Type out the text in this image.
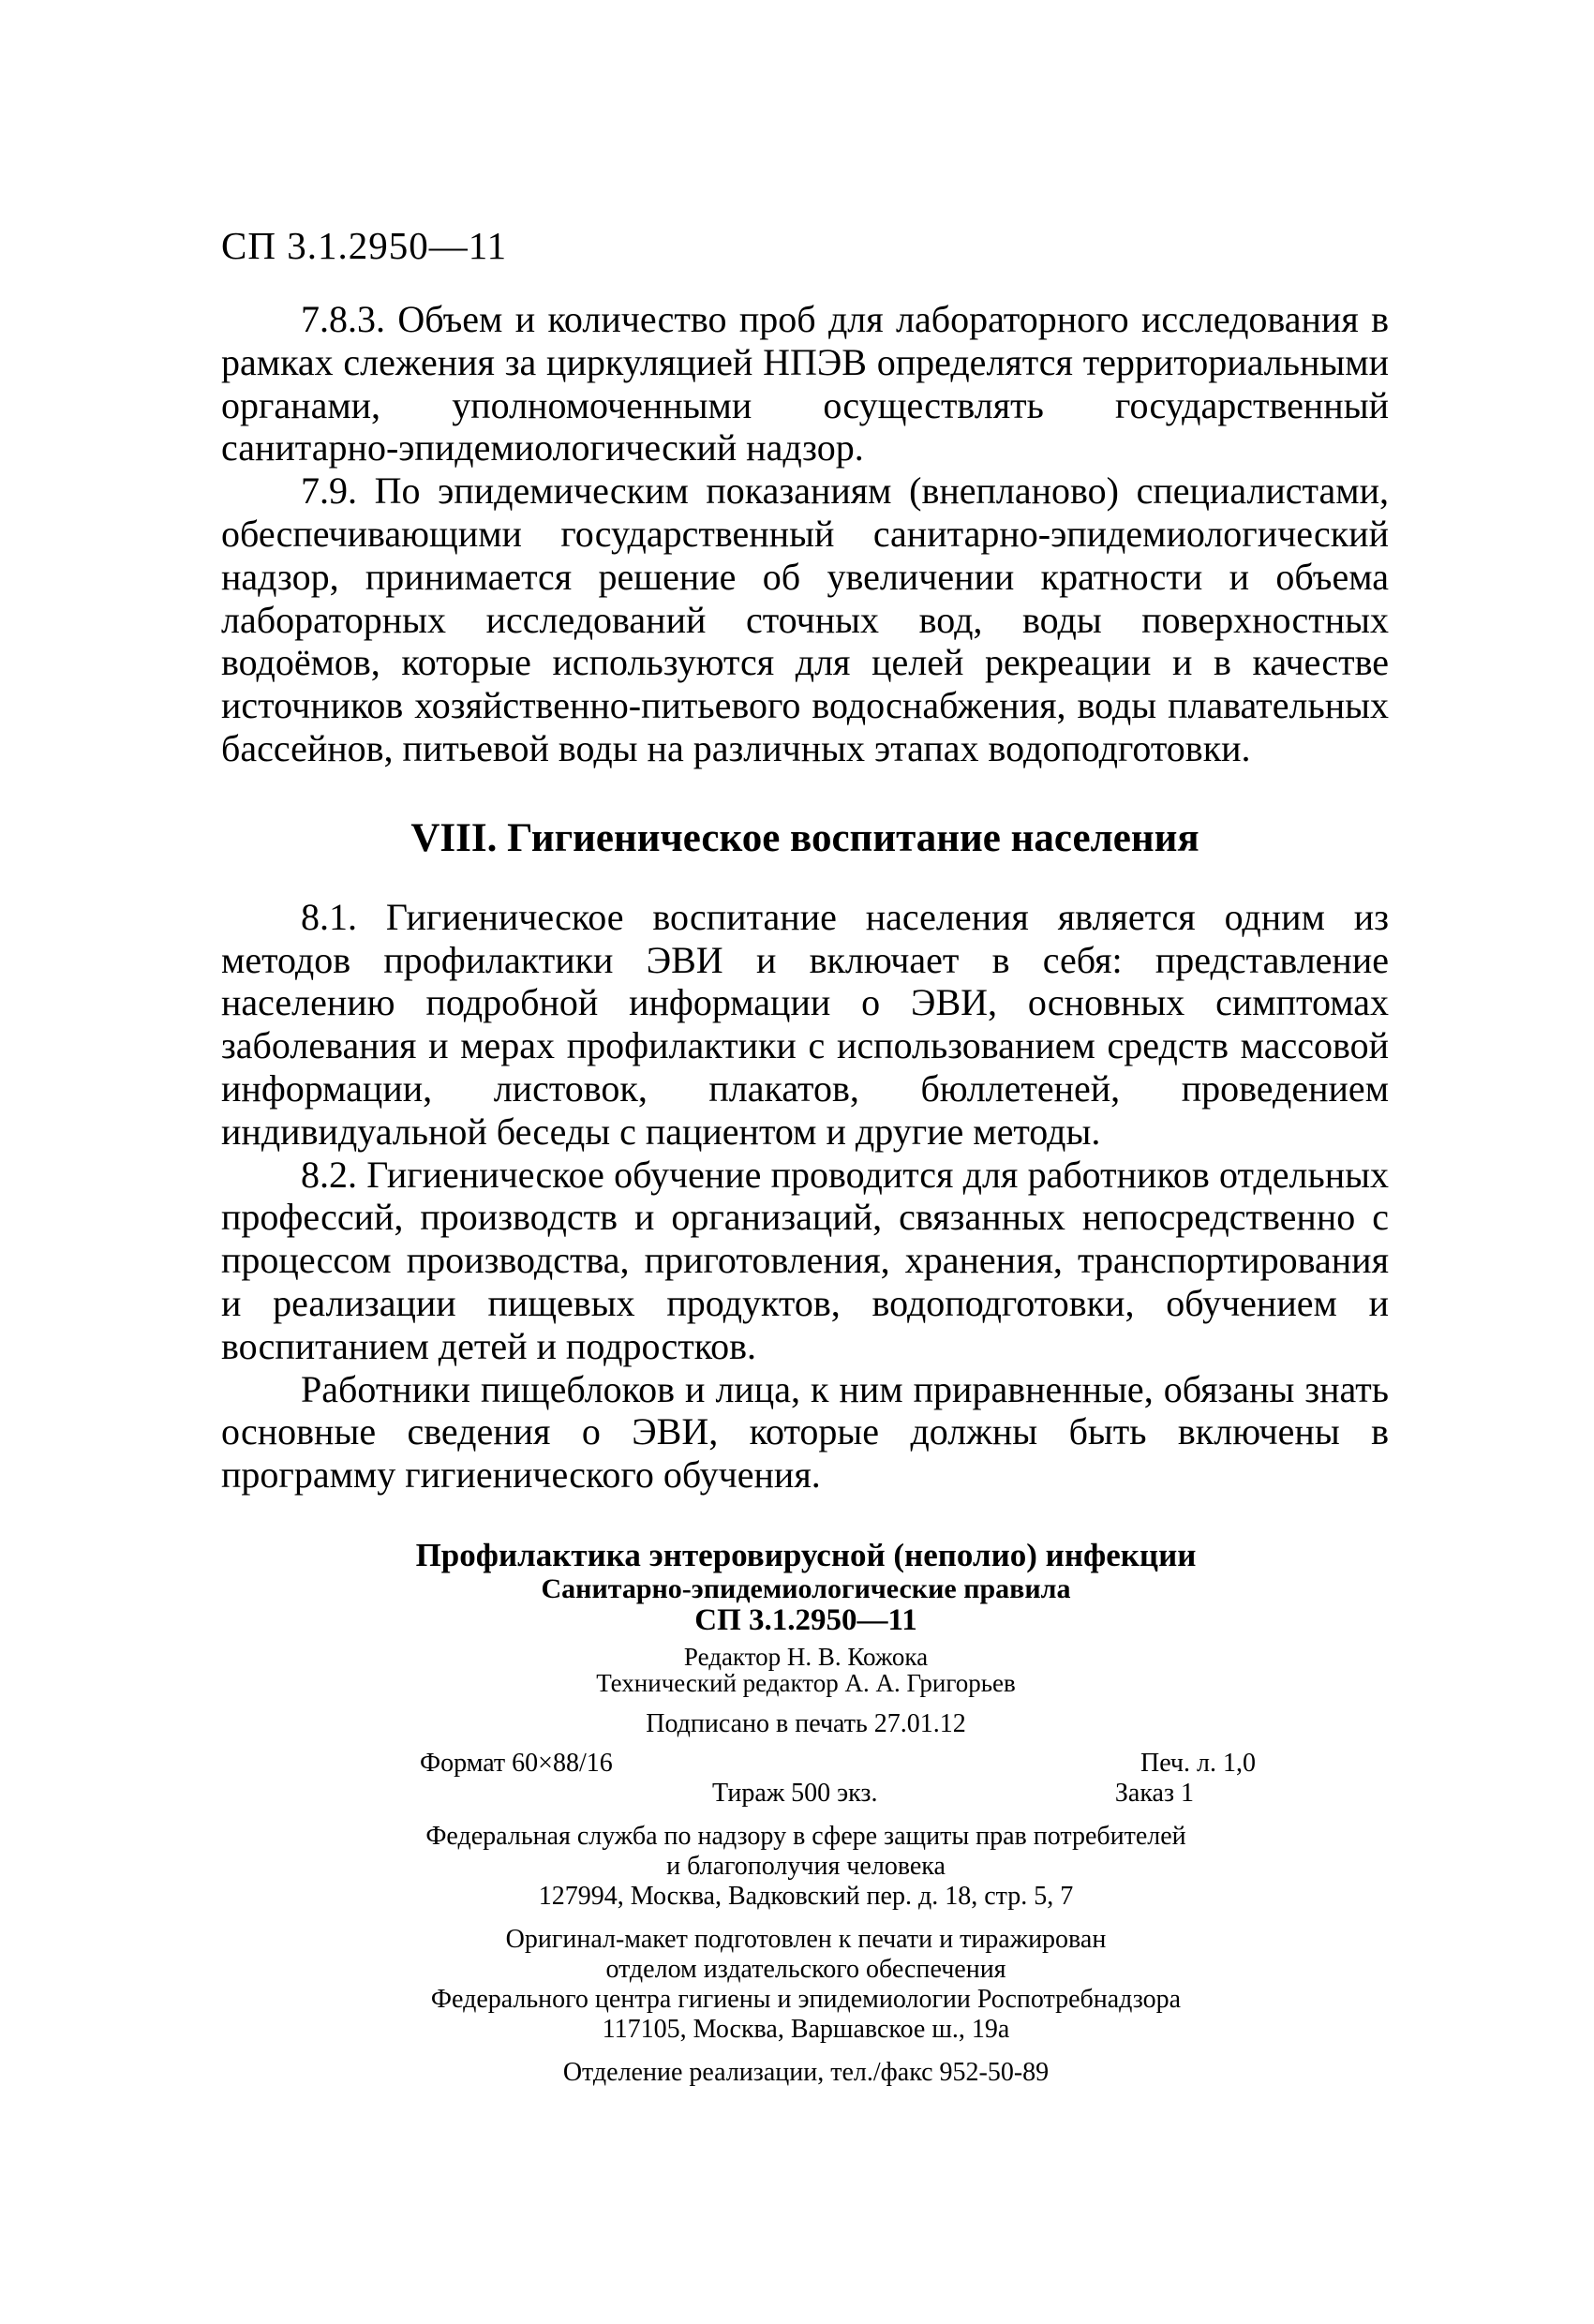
СП 3.1.2950—11

7.8.3. Объем и количество проб для лабораторного исследования в рамках слежения за циркуляцией НПЭВ определятся территориальными органами, уполномоченными осуществлять государственный санитарно-эпидемиологический надзор.

7.9. По эпидемическим показаниям (внепланово) специалистами, обеспечивающими государственный санитарно-эпидемиологический надзор, принимается решение об увеличении кратности и объема лабораторных исследований сточных вод, воды поверхностных водоёмов, которые используются для целей рекреации и в качестве источников хозяйственно-питьевого водоснабжения, воды плавательных бассейнов, питьевой воды на различных этапах водоподготовки.

VIII. Гигиеническое воспитание населения

8.1. Гигиеническое воспитание населения является одним из методов профилактики ЭВИ и включает в себя: представление населению подробной информации о ЭВИ, основных симптомах заболевания и мерах профилактики с использованием средств массовой информации, листовок, плакатов, бюллетеней, проведением индивидуальной беседы с пациентом и другие методы.

8.2. Гигиеническое обучение проводится для работников отдельных профессий, производств и организаций, связанных непосредственно с процессом производства, приготовления, хранения, транспортирования и реализации пищевых продуктов, водоподготовки, обучением и воспитанием детей и подростков.

Работники пищеблоков и лица, к ним приравненные, обязаны знать основные сведения о ЭВИ, которые должны быть включены в программу гигиенического обучения.

Профилактика энтеровирусной (неполио) инфекции
Санитарно-эпидемиологические правила
СП 3.1.2950—11
Редактор Н. В. Кожока
Технический редактор А. А. Григорьев
Подписано в печать 27.01.12
Формат 60×88/16	Печ. л. 1,0
Тираж 500 экз.	Заказ 1
Федеральная служба по надзору в сфере защиты прав потребителей
и благополучия человека
127994, Москва, Вадковский пер. д. 18, стр. 5, 7
Оригинал-макет подготовлен к печати и тиражирован
отделом издательского обеспечения
Федерального центра гигиены и эпидемиологии Роспотребнадзора
117105, Москва, Варшавское ш., 19а
Отделение реализации, тел./факс 952-50-89
